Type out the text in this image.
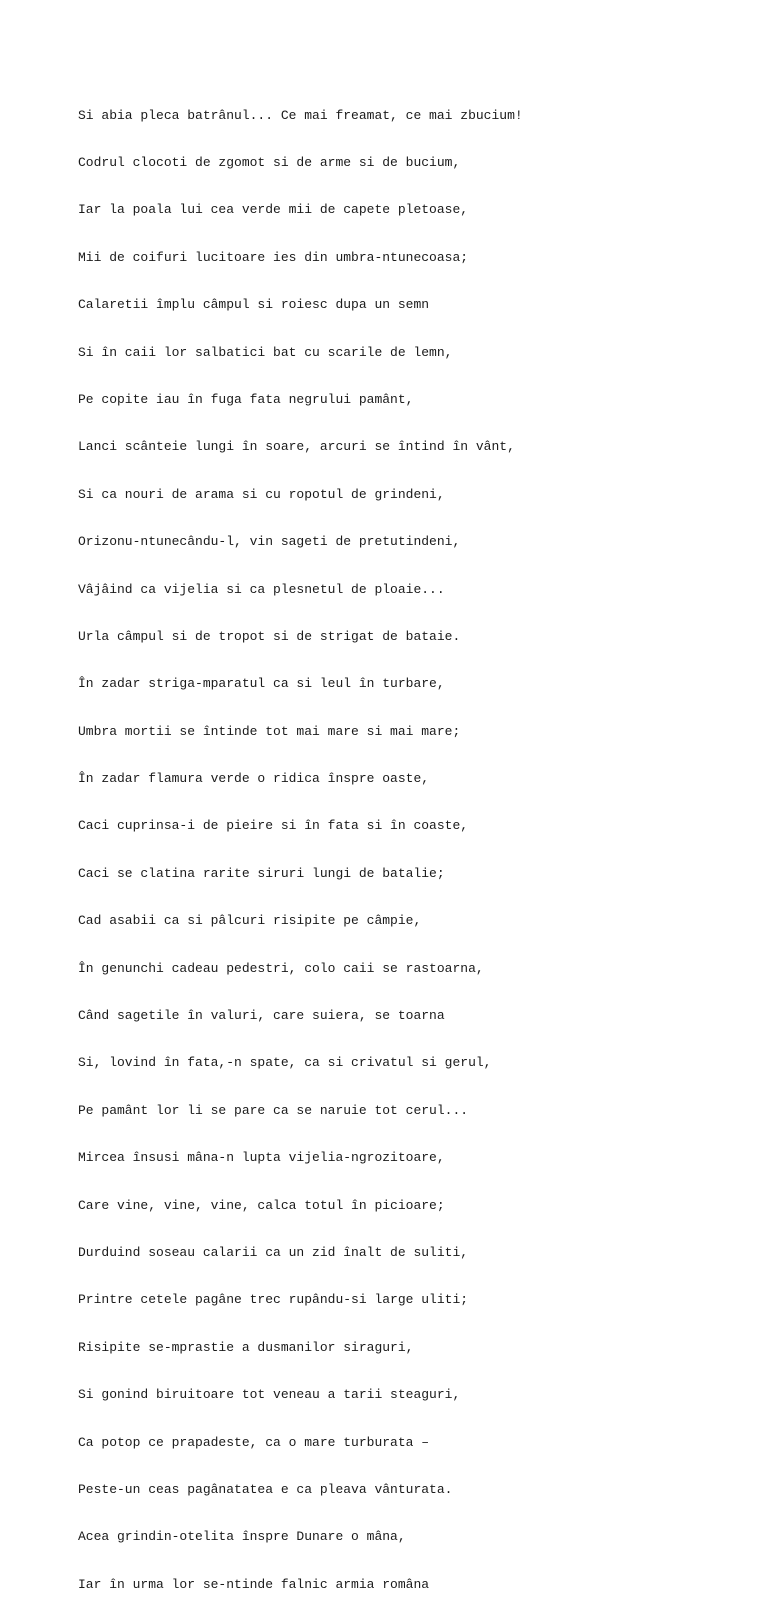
Si abia pleca batrânul... Ce mai freamat, ce mai zbucium!

Codrul clocoti de zgomot si de arme si de bucium,

Iar la poala lui cea verde mii de capete pletoase,

Mii de coifuri lucitoare ies din umbra-ntunecoasa;

Calaretii împlu câmpul si roiesc dupa un semn

Si în caii lor salbatici bat cu scarile de lemn,

Pe copite iau în fuga fata negrului pamânt,

Lanci scânteie lungi în soare, arcuri se întind în vânt,

Si ca nouri de arama si cu ropotul de grindeni,

Orizonu-ntunecându-l, vin sageti de pretutindeni,

Vâjâind ca vijelia si ca plesnetul de ploaie...

Urla câmpul si de tropot si de strigat de bataie.

În zadar striga-mparatul ca si leul în turbare,

Umbra mortii se întinde tot mai mare si mai mare;

În zadar flamura verde o ridica înspre oaste,

Caci cuprinsa-i de pieire si în fata si în coaste,

Caci se clatina rarite siruri lungi de batalie;

Cad asabii ca si pâlcuri risipite pe câmpie,

În genunchi cadeau pedestri, colo caii se rastoarna,

Când sagetile în valuri, care suiera, se toarna

Si, lovind în fata,-n spate, ca si crivatul si gerul,

Pe pamânt lor li se pare ca se naruie tot cerul...

Mircea însusi mâna-n lupta vijelia-ngrozitoare,

Care vine, vine, vine, calca totul în picioare;

Durduind soseau calarii ca un zid înalt de suliti,

Printre cetele pagâne trec rupându-si large uliti;

Risipite se-mprastie a dusmanilor siraguri,

Si gonind biruitoare tot veneau a tarii steaguri,

Ca potop ce prapadeste, ca o mare turburata –

Peste-un ceas pagânatatea e ca pleava vânturata.

Acea grindin-otelita înspre Dunare o mâna,

Iar în urma lor se-ntinde falnic armia româna
